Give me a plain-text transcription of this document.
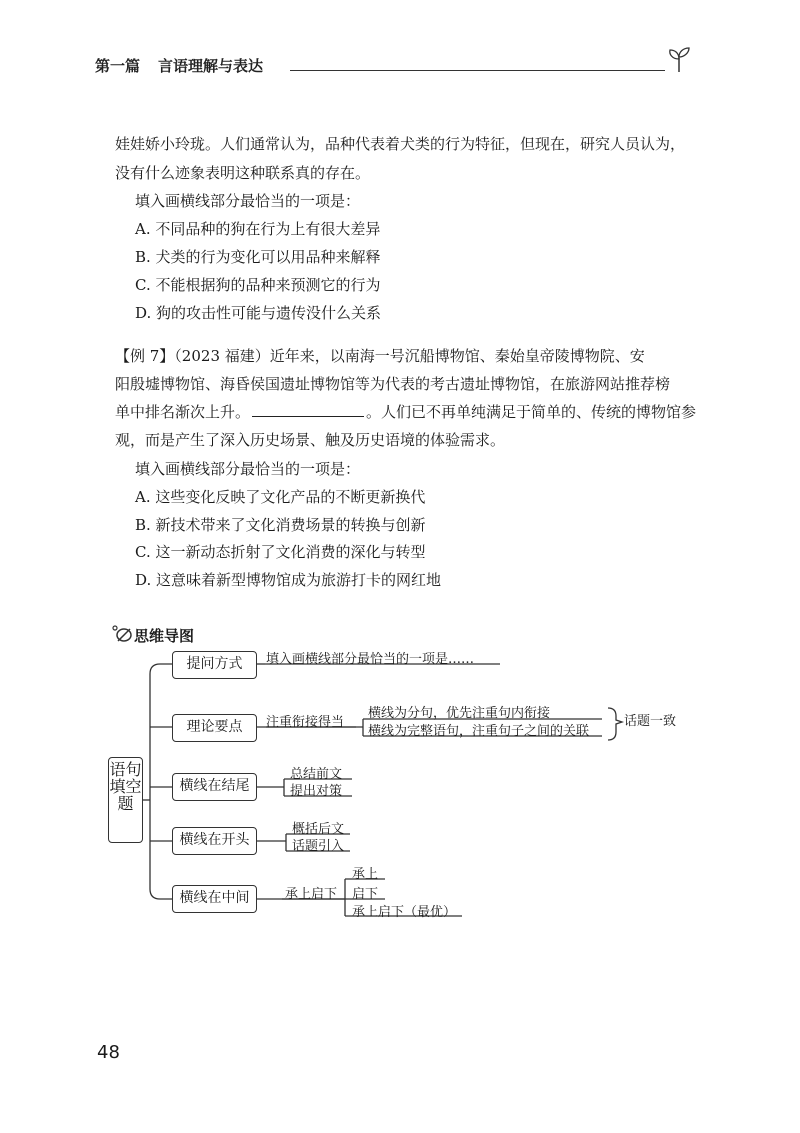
第一篇 言语理解与表达
娃娃娇小玲珑。人们通常认为，品种代表着犬类的行为特征，但现在，研究人员认为，
没有什么迹象表明这种联系真的存在。
填入画横线部分最恰当的一项是：
A. 不同品种的狗在行为上有很大差异
B. 犬类的行为变化可以用品种来解释
C. 不能根据狗的品种来预测它的行为
D. 狗的攻击性可能与遗传没什么关系
【例 7】（2023 福建）近年来，以南海一号沉船博物馆、秦始皇帝陵博物院、安
阳殷墟博物馆、海昏侯国遗址博物馆等为代表的考古遗址博物馆，在旅游网站推荐榜
单中排名渐次上升。	。人们已不再单纯满足于简单的、传统的博物馆参
观，而是产生了深入历史场景、触及历史语境的体验需求。
填入画横线部分最恰当的一项是：
A. 这些变化反映了文化产品的不断更新换代
B. 新技术带来了文化消费场景的转换与创新
C. 这一新动态折射了文化消费的深化与转型
D. 这意味着新型博物馆成为旅游打卡的网红地
思维导图
语句填空题
提问方式
理论要点
横线在结尾
横线在开头
横线在中间
填入画横线部分最恰当的一项是……
注重衔接得当
横线为分句，优先注重句内衔接
横线为完整语句，注重句子之间的关联
话题一致
总结前文
提出对策
概括后文
话题引入
承上启下
承上
启下
承上启下（最优）
48
